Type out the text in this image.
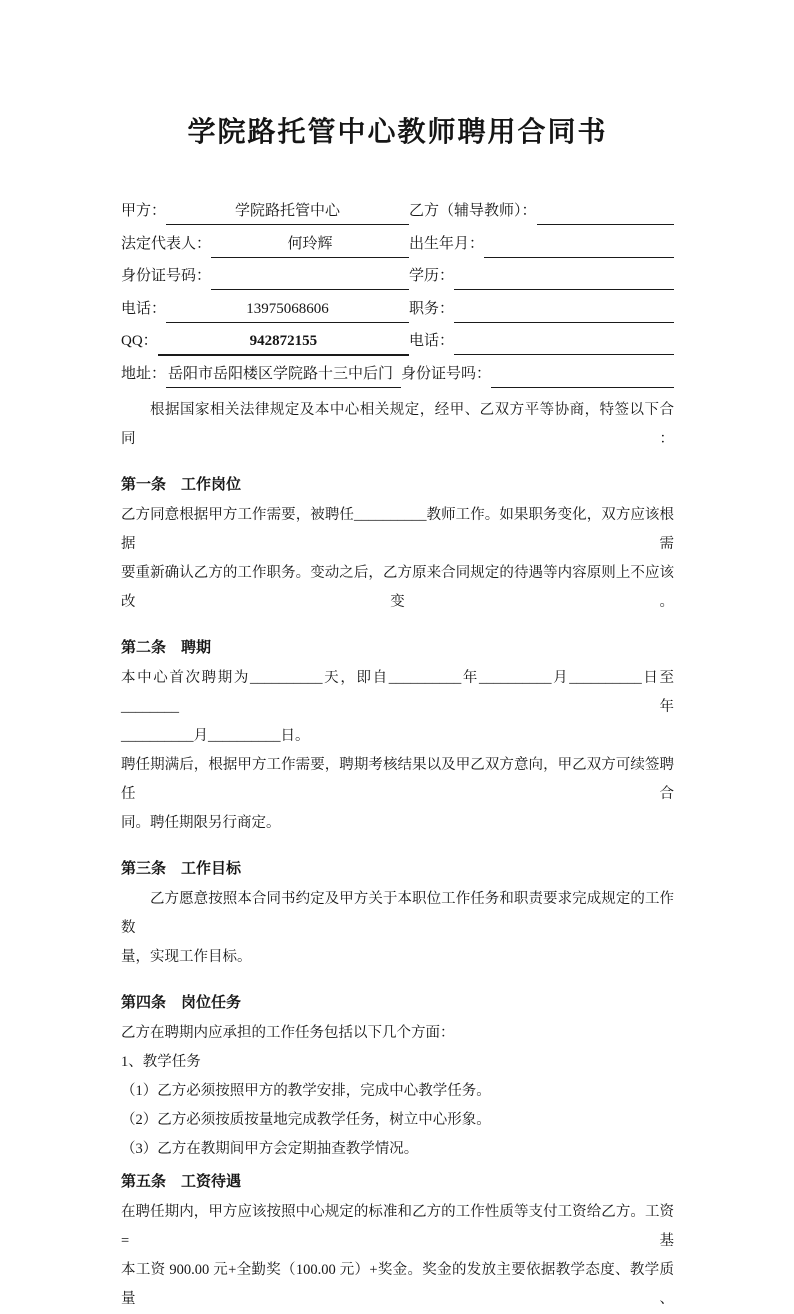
学院路托管中心教师聘用合同书
甲方：	学院路托管中心	乙方（辅导教师）：
法定代表人：	何玲辉	出生年月：
身份证号码：	学历：
电话：	13975068606	职务：
QQ：	942872155	电话：
地址： 岳阳市岳阳楼区学院路十三中后门 身份证号吗：

根据国家相关法律规定及本中心相关规定，经甲、乙双方平等协商，特签以下合同：

第一条　工作岗位
乙方同意根据甲方工作需要，被聘任__________教师工作。如果职务变化，双方应该根据需
要重新确认乙方的工作职务。变动之后，乙方原来合同规定的待遇等内容原则上不应该改变。
第二条　聘期
本中心首次聘期为__________天，即自__________年__________月__________日至________年
__________月__________日。
聘任期满后，根据甲方工作需要，聘期考核结果以及甲乙双方意向，甲乙双方可续签聘任合
同。聘任期限另行商定。
第三条　工作目标
乙方愿意按照本合同书约定及甲方关于本职位工作任务和职责要求完成规定的工作数
量，实现工作目标。
第四条　岗位任务
乙方在聘期内应承担的工作任务包括以下几个方面：
1、教学任务
（1）乙方必须按照甲方的教学安排，完成中心教学任务。
（2）乙方必须按质按量地完成教学任务，树立中心形象。
（3）乙方在教期间甲方会定期抽查教学情况。
第五条　工资待遇
在聘任期内，甲方应该按照中心规定的标准和乙方的工作性质等支付工资给乙方。工资=基
本工资 900.00 元+全勤奖（100.00 元）+奖金。奖金的发放主要依据教学态度、教学质量、
